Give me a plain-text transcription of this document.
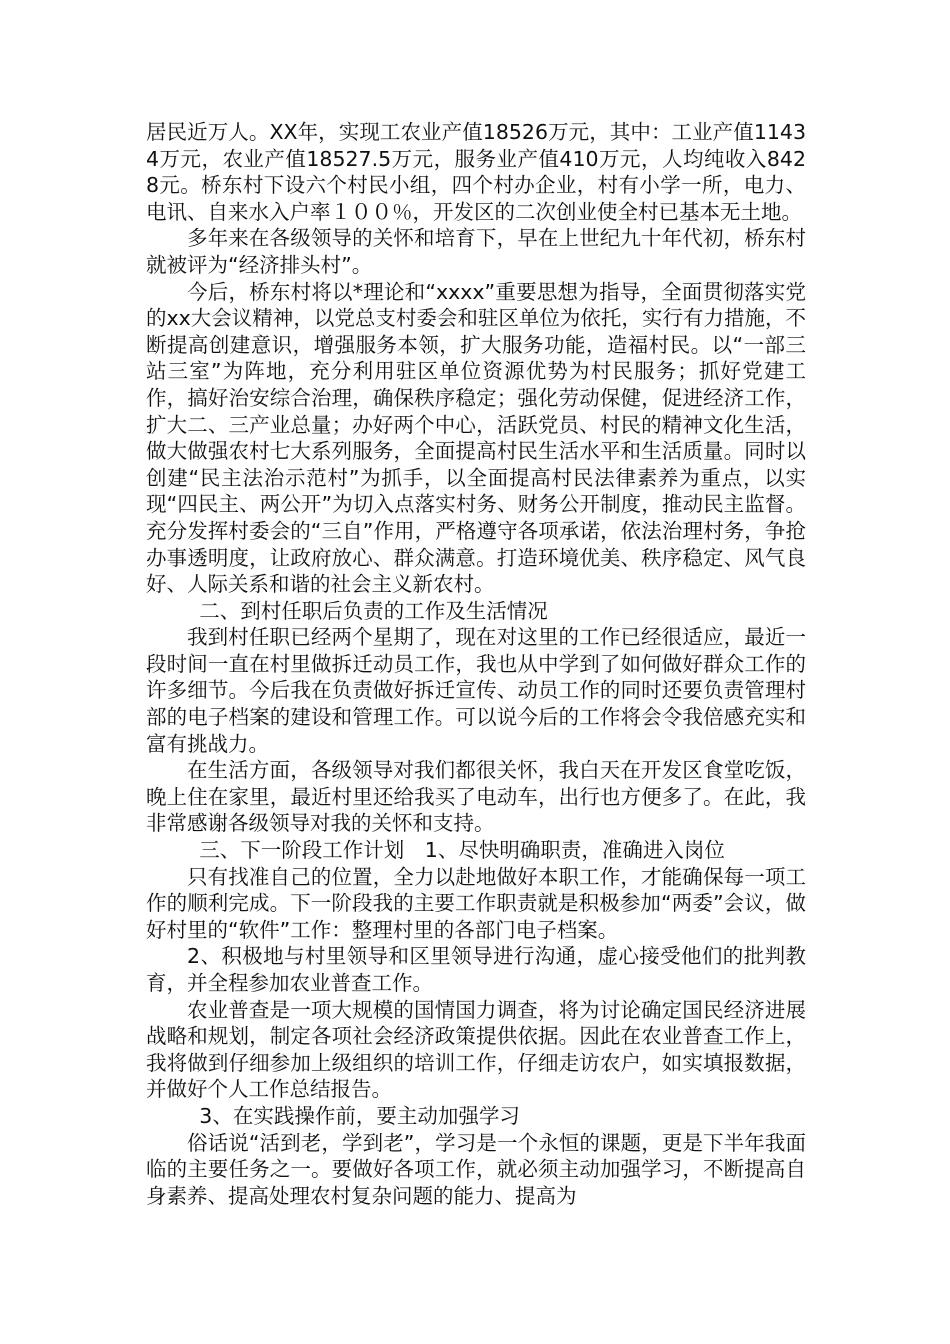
居民近万人。XX年，实现工农业产值18526万元，其中：工业产值11434万元，农业产值18527.5万元，服务业产值410万元，人均纯收入8428元。桥东村下设六个村民小组，四个村办企业，村有小学一所，电力、电讯、自来水入户率１００％，开发区的二次创业使全村已基本无土地。

多年来在各级领导的关怀和培育下，早在上世纪九十年代初，桥东村就被评为“经济排头村”。

今后，桥东村将以*理论和“xxxx”重要思想为指导，全面贯彻落实党的xx大会议精神，以党总支村委会和驻区单位为依托，实行有力措施，不断提高创建意识，增强服务本领，扩大服务功能，造福村民。以“一部三站三室”为阵地，充分利用驻区单位资源优势为村民服务；抓好党建工作，搞好治安综合治理，确保秩序稳定；强化劳动保健，促进经济工作，扩大二、三产业总量；办好两个中心，活跃党员、村民的精神文化生活，做大做强农村七大系列服务，全面提高村民生活水平和生活质量。同时以创建“民主法治示范村”为抓手，以全面提高村民法律素养为重点，以实现“四民主、两公开”为切入点落实村务、财务公开制度，推动民主监督。充分发挥村委会的“三自”作用，严格遵守各项承诺，依法治理村务，争抢办事透明度，让政府放心、群众满意。打造环境优美、秩序稳定、风气良好、人际关系和谐的社会主义新农村。

二、到村任职后负责的工作及生活情况

我到村任职已经两个星期了，现在对这里的工作已经很适应，最近一段时间一直在村里做拆迁动员工作，我也从中学到了如何做好群众工作的许多细节。今后我在负责做好拆迁宣传、动员工作的同时还要负责管理村部的电子档案的建设和管理工作。可以说今后的工作将会令我倍感充实和富有挑战力。

在生活方面，各级领导对我们都很关怀，我白天在开发区食堂吃饭，晚上住在家里，最近村里还给我买了电动车，出行也方便多了。在此，我非常感谢各级领导对我的关怀和支持。

三、下一阶段工作计划　1、尽快明确职责，准确进入岗位

只有找准自己的位置，全力以赴地做好本职工作，才能确保每一项工作的顺利完成。下一阶段我的主要工作职责就是积极参加“两委”会议，做好村里的“软件”工作：整理村里的各部门电子档案。

2、积极地与村里领导和区里领导进行沟通，虚心接受他们的批判教育，并全程参加农业普查工作。

农业普查是一项大规模的国情国力调查，将为讨论确定国民经济进展战略和规划，制定各项社会经济政策提供依据。因此在农业普查工作上，我将做到仔细参加上级组织的培训工作，仔细走访农户，如实填报数据，并做好个人工作总结报告。

3、在实践操作前，要主动加强学习

俗话说“活到老，学到老”，学习是一个永恒的课题，更是下半年我面临的主要任务之一。要做好各项工作，就必须主动加强学习，不断提高自身素养、提高处理农村复杂问题的能力、提高为
